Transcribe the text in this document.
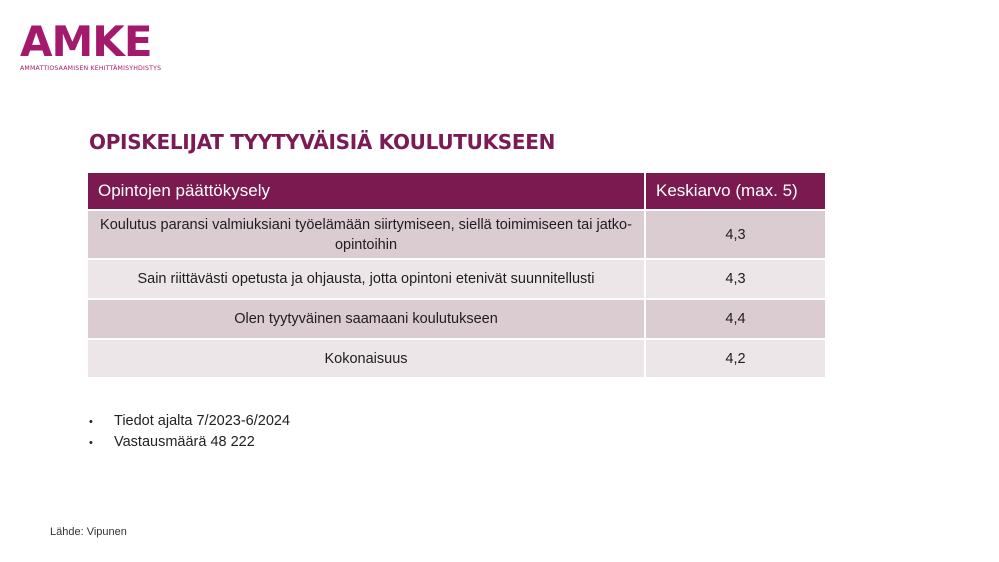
AMKE
AMMATTIOSAAMISEN KEHITTÄMISYHDISTYS
OPISKELIJAT TYYTYVÄISIÄ KOULUTUKSEEN
Opintojen päättökysely	Keskiarvo (max. 5)
Koulutus paransi valmiuksiani työelämään siirtymiseen, siellä toimimiseen tai jatko-opintoihin	4,3
Sain riittävästi opetusta ja ohjausta, jotta opintoni etenivät suunnitellusti	4,3
Olen tyytyväinen saamaani koulutukseen	4,4
Kokonaisuus	4,2
• Tiedot ajalta 7/2023-6/2024
• Vastausmäärä 48 222
Lähde: Vipunen
